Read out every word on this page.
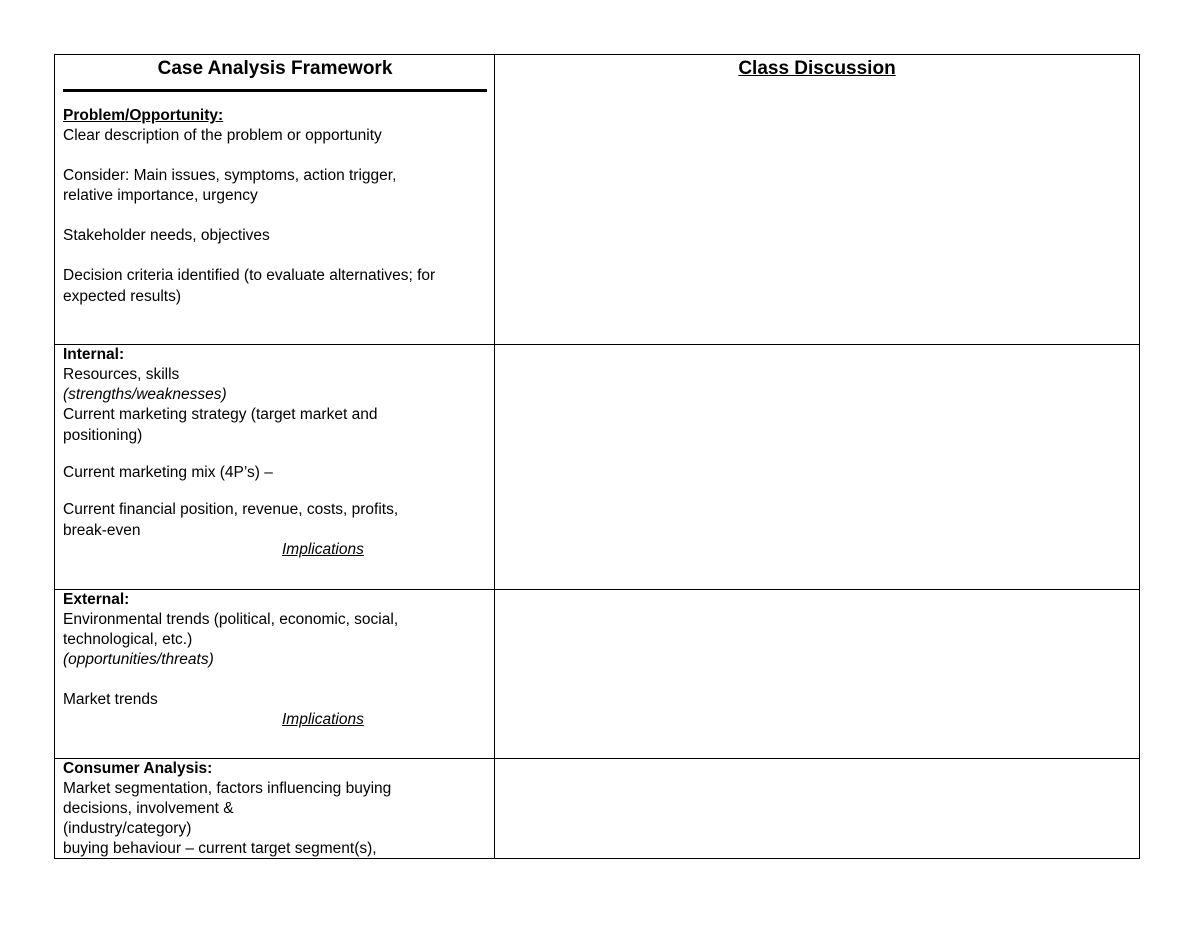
Case Analysis Framework
Problem/Opportunity:
Clear description of the problem or opportunity
Consider: Main issues, symptoms, action trigger,
relative importance, urgency
Stakeholder needs, objectives
Decision criteria identified (to evaluate alternatives; for
expected results)
Class Discussion
Internal:
Resources, skills
(strengths/weaknesses)
Current marketing strategy (target market and
positioning)
Current marketing mix (4P’s) –
Current financial position, revenue, costs, profits,
break-even
Implications
External:
Environmental trends (political, economic, social,
technological, etc.)
(opportunities/threats)
Market trends
Implications
Consumer Analysis:
Market segmentation, factors influencing buying
decisions, involvement &
(industry/category)
buying behaviour – current target segment(s),
